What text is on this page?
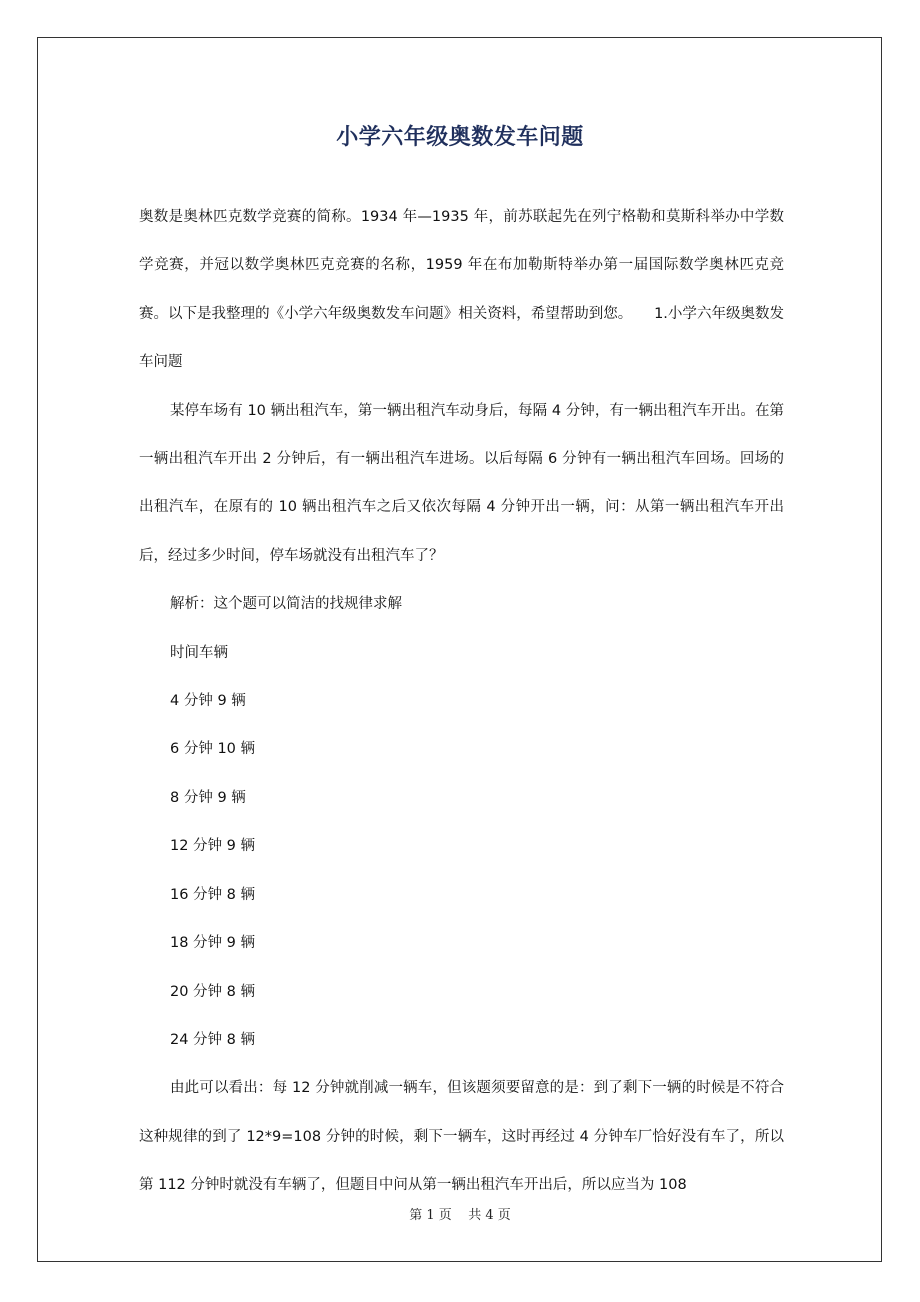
小学六年级奥数发车问题

奥数是奥林匹克数学竞赛的简称。1934 年—1935 年，前苏联起先在列宁格勒和莫斯科举办中学数学竞赛，并冠以数学奥林匹克竞赛的名称，1959 年在布加勒斯特举办第一届国际数学奥林匹克竞赛。以下是我整理的《小学六年级奥数发车问题》相关资料，希望帮助到您。　　1.小学六年级奥数发车问题

某停车场有 10 辆出租汽车，第一辆出租汽车动身后，每隔 4 分钟，有一辆出租汽车开出。在第一辆出租汽车开出 2 分钟后，有一辆出租汽车进场。以后每隔 6 分钟有一辆出租汽车回场。回场的出租汽车，在原有的 10 辆出租汽车之后又依次每隔 4 分钟开出一辆，问：从第一辆出租汽车开出后，经过多少时间，停车场就没有出租汽车了？

解析：这个题可以简洁的找规律求解

时间车辆

4 分钟 9 辆

6 分钟 10 辆

8 分钟 9 辆

12 分钟 9 辆

16 分钟 8 辆

18 分钟 9 辆

20 分钟 8 辆

24 分钟 8 辆

由此可以看出：每 12 分钟就削减一辆车，但该题须要留意的是：到了剩下一辆的时候是不符合这种规律的到了 12*9=108 分钟的时候，剩下一辆车，这时再经过 4 分钟车厂恰好没有车了，所以第 112 分钟时就没有车辆了，但题目中问从第一辆出租汽车开出后，所以应当为 108

第 1 页 共 4 页
